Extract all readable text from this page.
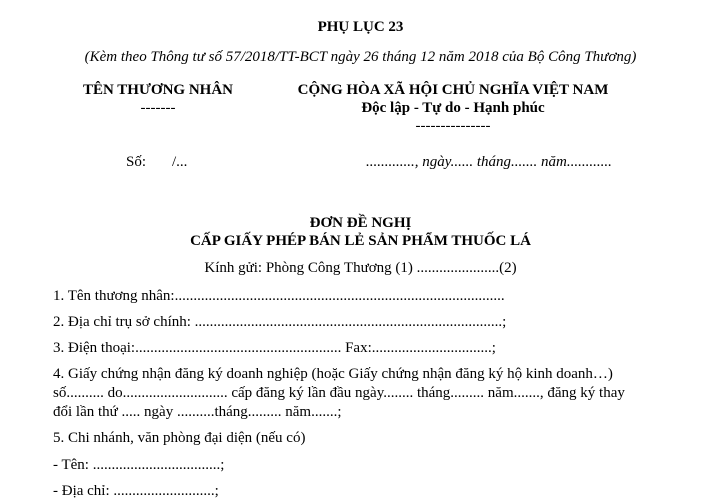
PHỤ LỤC 23
(Kèm theo Thông tư số 57/2018/TT-BCT ngày 26 tháng 12 năm 2018 của Bộ Công Thương)
TÊN THƯƠNG NHÂN
-------
CỘNG HÒA XÃ HỘI CHỦ NGHĨA VIỆT NAM
Độc lập - Tự do - Hạnh phúc
---------------
Số: /...	............., ngày...... tháng....... năm............
ĐƠN ĐỀ NGHỊ
CẤP GIẤY PHÉP BÁN LẺ SẢN PHẨM THUỐC LÁ
Kính gửi: Phòng Công Thương (1) ......................(2)
1. Tên thương nhân:........................................................................................
2. Địa chỉ trụ sở chính: ..................................................................................;
3. Điện thoại:....................................................... Fax:................................;
4. Giấy chứng nhận đăng ký doanh nghiệp (hoặc Giấy chứng nhận đăng ký hộ kinh doanh…)
số.......... do............................ cấp đăng ký lần đầu ngày........ tháng......... năm......., đăng ký thay
đổi lần thứ ..... ngày ..........tháng......... năm.......;
5. Chi nhánh, văn phòng đại diện (nếu có)
- Tên: ..................................;
- Địa chỉ: ...........................;
